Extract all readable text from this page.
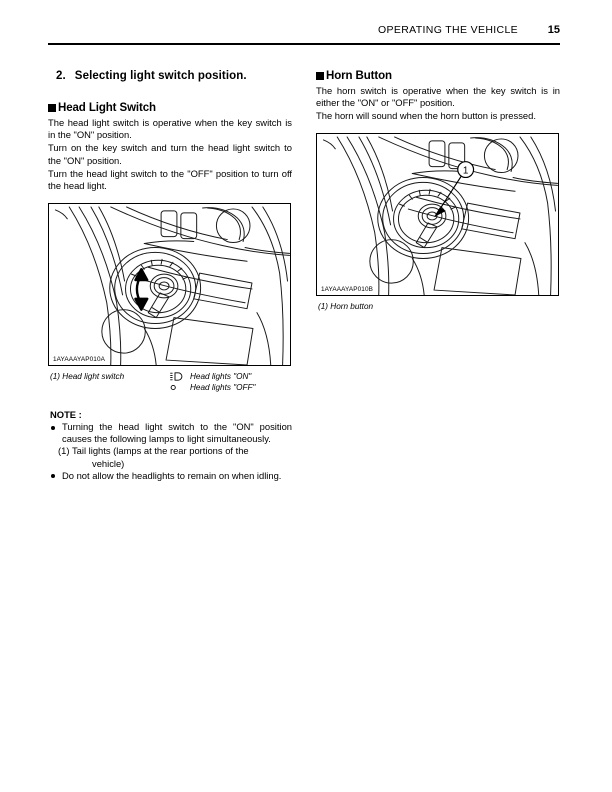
OPERATING THE VEHICLE	15
2. Selecting light switch position.
Head Light Switch

The head light switch is operative when the key switch is in the "ON" position.

Turn on the key switch and turn the head light switch to the "ON" position.

Turn the head light switch to the "OFF" position to turn off the head light.

1AYAAAYAP010A
(1) Head light switch	Head lights "ON"
Head lights "OFF"
NOTE :
Turning the head light switch to the "ON" position causes the following lamps to light simultaneously.
(1) Tail lights (lamps at the rear portions of the
vehicle)
Do not allow the headlights to remain on when idling.
Horn Button

The horn switch is operative when the key switch is in either the "ON" or "OFF" position.

The horn will sound when the horn button is pressed.

1
1AYAAAYAP010B
(1) Horn button
